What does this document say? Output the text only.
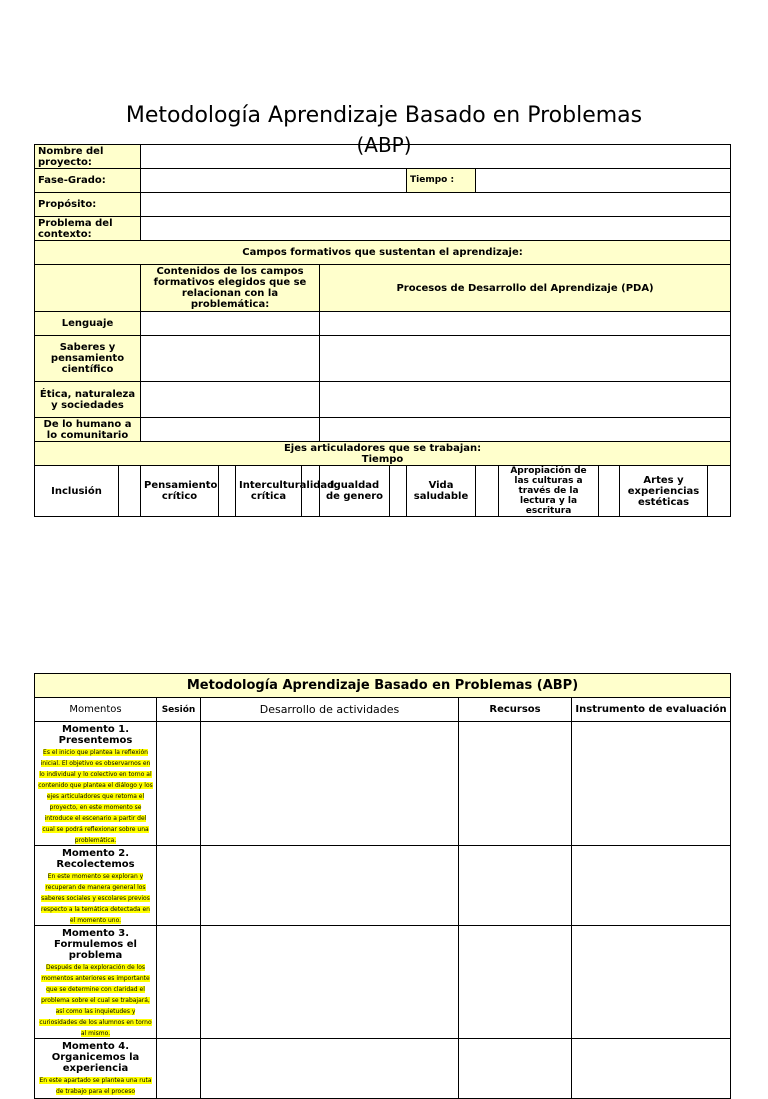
Metodología Aprendizaje Basado en Problemas
Nombre del proyecto:													
Fase-Grado:								Tiempo :					
Propósito:													
Problema del contexto:													
Campos formativos que sustentan el aprendizaje:													
		Contenidos de los campos formativos elegidos que se relacionan con la problemática:				Procesos de Desarrollo del Aprendizaje (PDA)							
Lenguaje													
Saberes y pensamiento científico													
Ética, naturaleza y sociedades													
De lo humano a lo comunitario													

Ejes articuladores que se trabajan:
Tiempo													

Inclusión		Pensamiento crítico		Interculturalidad crítica		Igualdad de genero		Vida saludable		Apropiación de las culturas a través de la lectura y la escritura		Artes y experiencias estéticas	
(ABP)
Metodología Aprendizaje Basado en Problemas (ABP)				
Momentos	Sesión	Desarrollo de actividades	Recursos	Instrumento de evaluación

Momento 1. Presentemos
Es el inicio que plantea la reflexión inicial. El objetivo es observarnos en lo individual y lo colectivo en torno al contenido que plantea el diálogo y los ejes articuladores que retoma el proyecto, en este momento se introduce el escenario a partir del cual se podrá reflexionar sobre una problemática.				

Momento 2. Recolectemos
En este momento se exploran y recuperan de manera general los saberes sociales y escolares previos respecto a la temática detectada en el momento uno.				

Momento 3. Formulemos el problema
Después de la exploración de los momentos anteriores es importante que se determine con claridad el problema sobre el cual se trabajará, así como las inquietudes y curiosidades de los alumnos en torno al mismo.				

Momento 4. Organicemos la experiencia
En este apartado se plantea una ruta de trabajo para el proceso				
